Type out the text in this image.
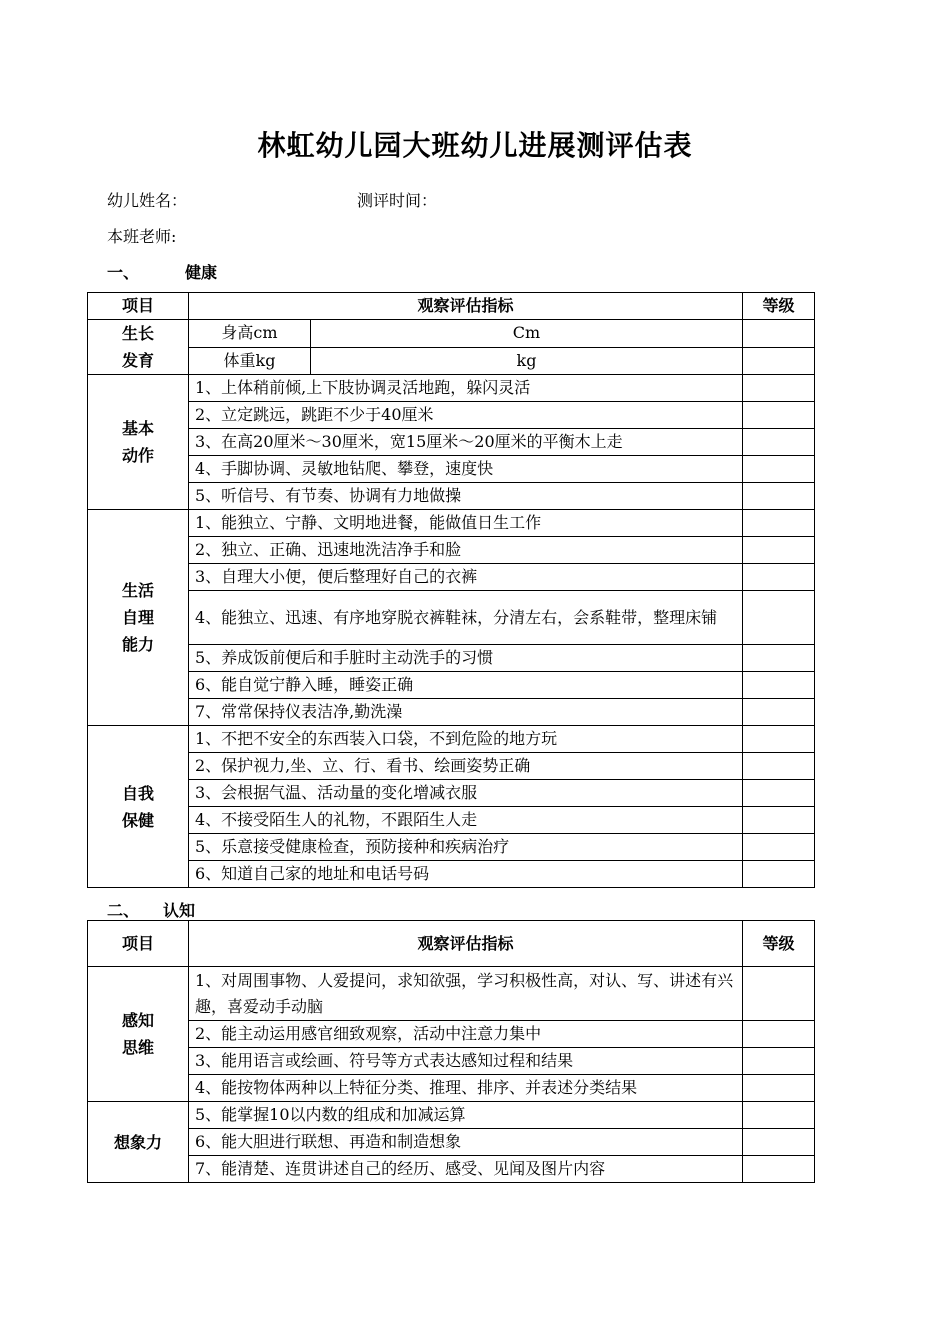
林虹幼儿园大班幼儿进展测评估表
幼儿姓名：	测评时间：
本班老师:
一、	健康
项目	观察评估指标		等级
生长
发育	身高cm	Cm	
	体重kg	kg	
基本
动作	1、上体稍前倾,上下肢协调灵活地跑，躲闪灵活		
	2、立定跳远，跳距不少于40厘米		
	3、在高20厘米～30厘米，宽15厘米～20厘米的平衡木上走		
	4、手脚协调、灵敏地钻爬、攀登，速度快		
	5、听信号、有节奏、协调有力地做操		
生活
自理
能力	1、能独立、宁静、文明地进餐，能做值日生工作		
	2、独立、正确、迅速地洗洁净手和脸		
	3、自理大小便，便后整理好自己的衣裤		
	4、能独立、迅速、有序地穿脱衣裤鞋袜，分清左右，会系鞋带，整理床铺		
	5、养成饭前便后和手脏时主动洗手的习惯		
	6、能自觉宁静入睡，睡姿正确		
	7、常常保持仪表洁净,勤洗澡		
自我
保健	1、不把不安全的东西装入口袋，不到危险的地方玩		
	2、保护视力,坐、立、行、看书、绘画姿势正确		
	3、会根据气温、活动量的变化增减衣服		
	4、不接受陌生人的礼物，不跟陌生人走		
	5、乐意接受健康检查，预防接种和疾病治疗		
	6、知道自己家的地址和电话号码		
二、 认知
项目	观察评估指标	等级
感知
思维	1、对周围事物、人爱提问，求知欲强，学习积极性高，对认、写、讲述有兴趣，喜爱动手动脑	
	2、能主动运用感官细致观察，活动中注意力集中	
	3、能用语言或绘画、符号等方式表达感知过程和结果	
	4、能按物体两种以上特征分类、推理、排序、并表述分类结果	
想象力	5、能掌握10以内数的组成和加减运算	
	6、能大胆进行联想、再造和制造想象	
	7、能清楚、连贯讲述自己的经历、感受、见闻及图片内容	
